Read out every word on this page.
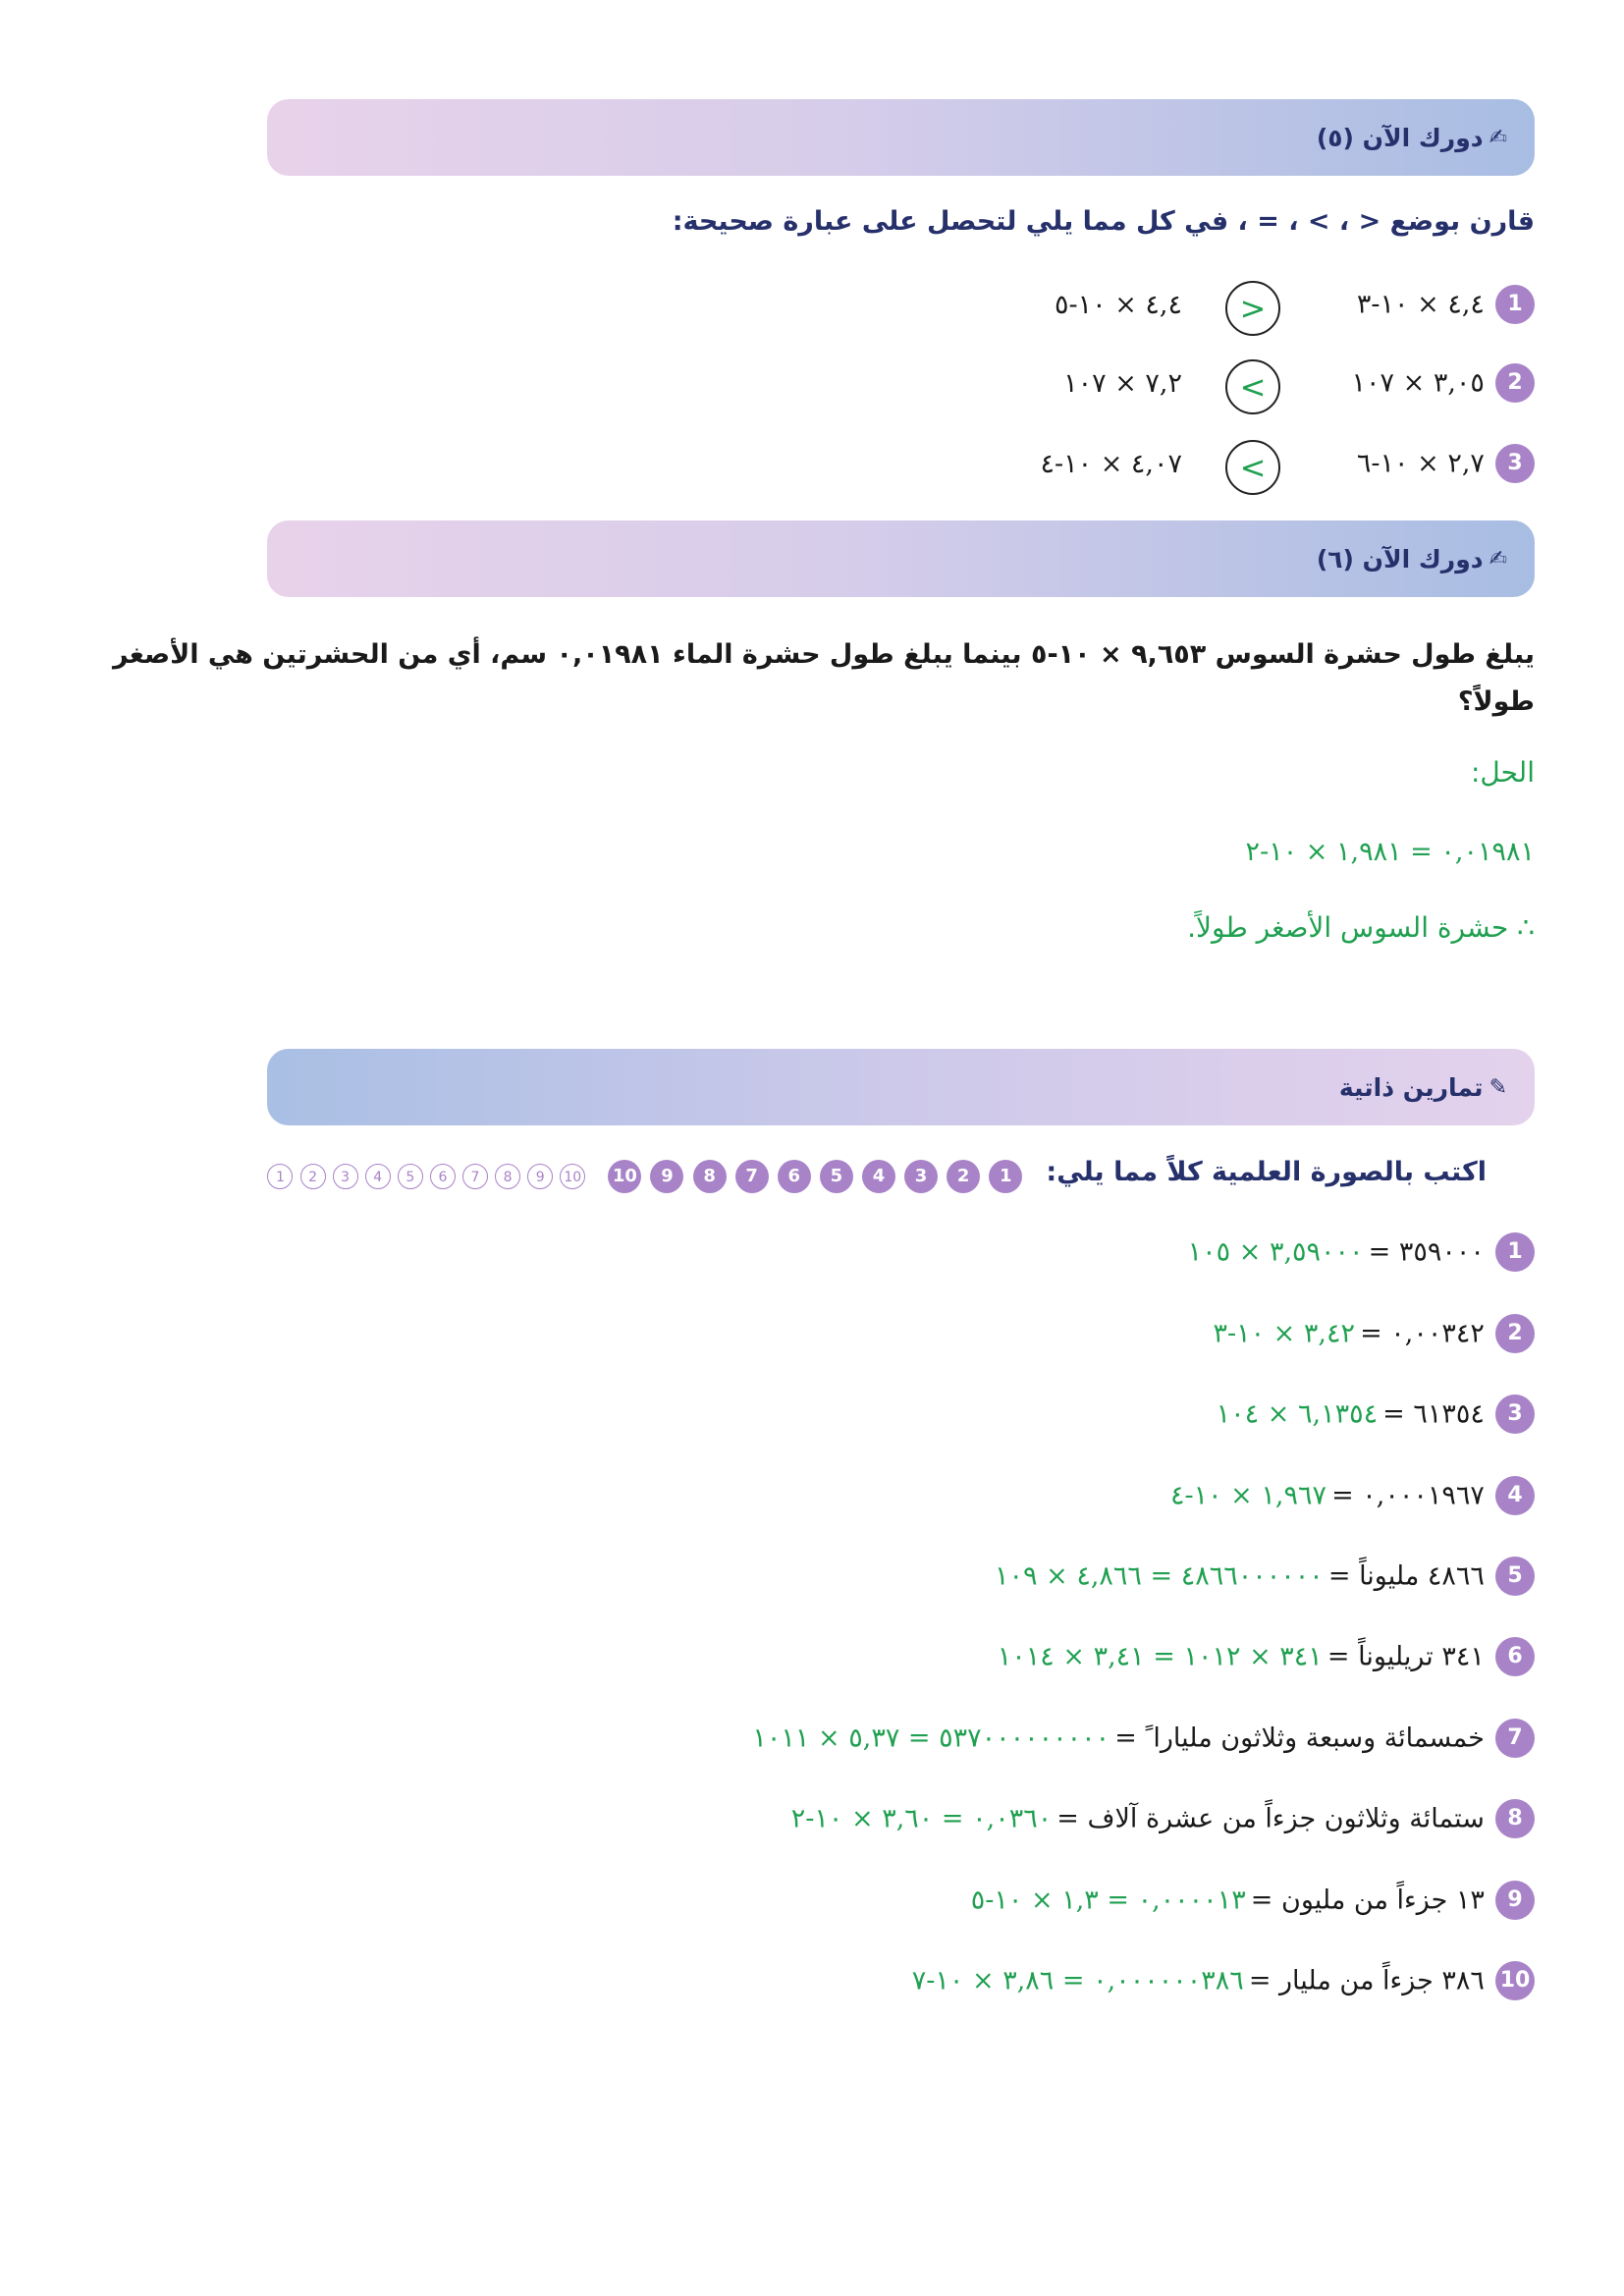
✍
دورك الآن (٥)
قارن بوضع < ، > ، = ، في كل مما يلي لتحصل على عبارة صحيحة:
1 ٤,٤ × ١٠-٣
<
٤,٤ × ١٠-٥
2 ٣,٠٥ × ١٠٧
>
٧,٢ × ١٠٧
3 ٢,٧ × ١٠-٦
>
٤,٠٧ × ١٠-٤
✍
دورك الآن (٦)
يبلغ طول حشرة السوس ٩,٦٥٣ × ١٠-٥ بينما يبلغ طول حشرة الماء ٠,٠١٩٨١ سم، أي من الحشرتين هي الأصغر طولاً؟
الحل:
٠,٠١٩٨١ = ١,٩٨١ × ١٠-٢
∴ حشرة السوس الأصغر طولاً.
✎
تمارين ذاتية
اكتب بالصورة العلمية كلاً مما يلي:  1 2 3 4 5 6 7 8 9 10 10 9 8 7 6 5 4 3 2 1
1 ٣٥٩٠٠٠ = ٣,٥٩٠٠٠ × ١٠٥
2 ٠,٠٠٣٤٢ = ٣,٤٢ × ١٠-٣
3 ٦١٣٥٤ = ٦,١٣٥٤ × ١٠٤
4 ٠,٠٠٠١٩٦٧ = ١,٩٦٧ × ١٠-٤
5 ٤٨٦٦ مليوناً = ٤٨٦٦٠٠٠٠٠٠ = ٤,٨٦٦ × ١٠٩
6 ٣٤١ تريليوناً = ٣٤١ × ١٠١٢ = ٣,٤١ × ١٠١٤
7 خمسمائة وسبعة وثلاثون مليارا ً = ٥٣٧٠٠٠٠٠٠٠٠٠ = ٥,٣٧ × ١٠١١
8 ستمائة وثلاثون جزءاً من عشرة آلاف = ٠,٠٣٦٠ = ٣,٦٠ × ١٠-٢
9 ١٣ جزءاً من مليون = ٠,٠٠٠٠١٣ = ١,٣ × ١٠-٥
10 ٣٨٦ جزءاً من مليار = ٠,٠٠٠٠٠٠٣٨٦ = ٣,٨٦ × ١٠-٧
